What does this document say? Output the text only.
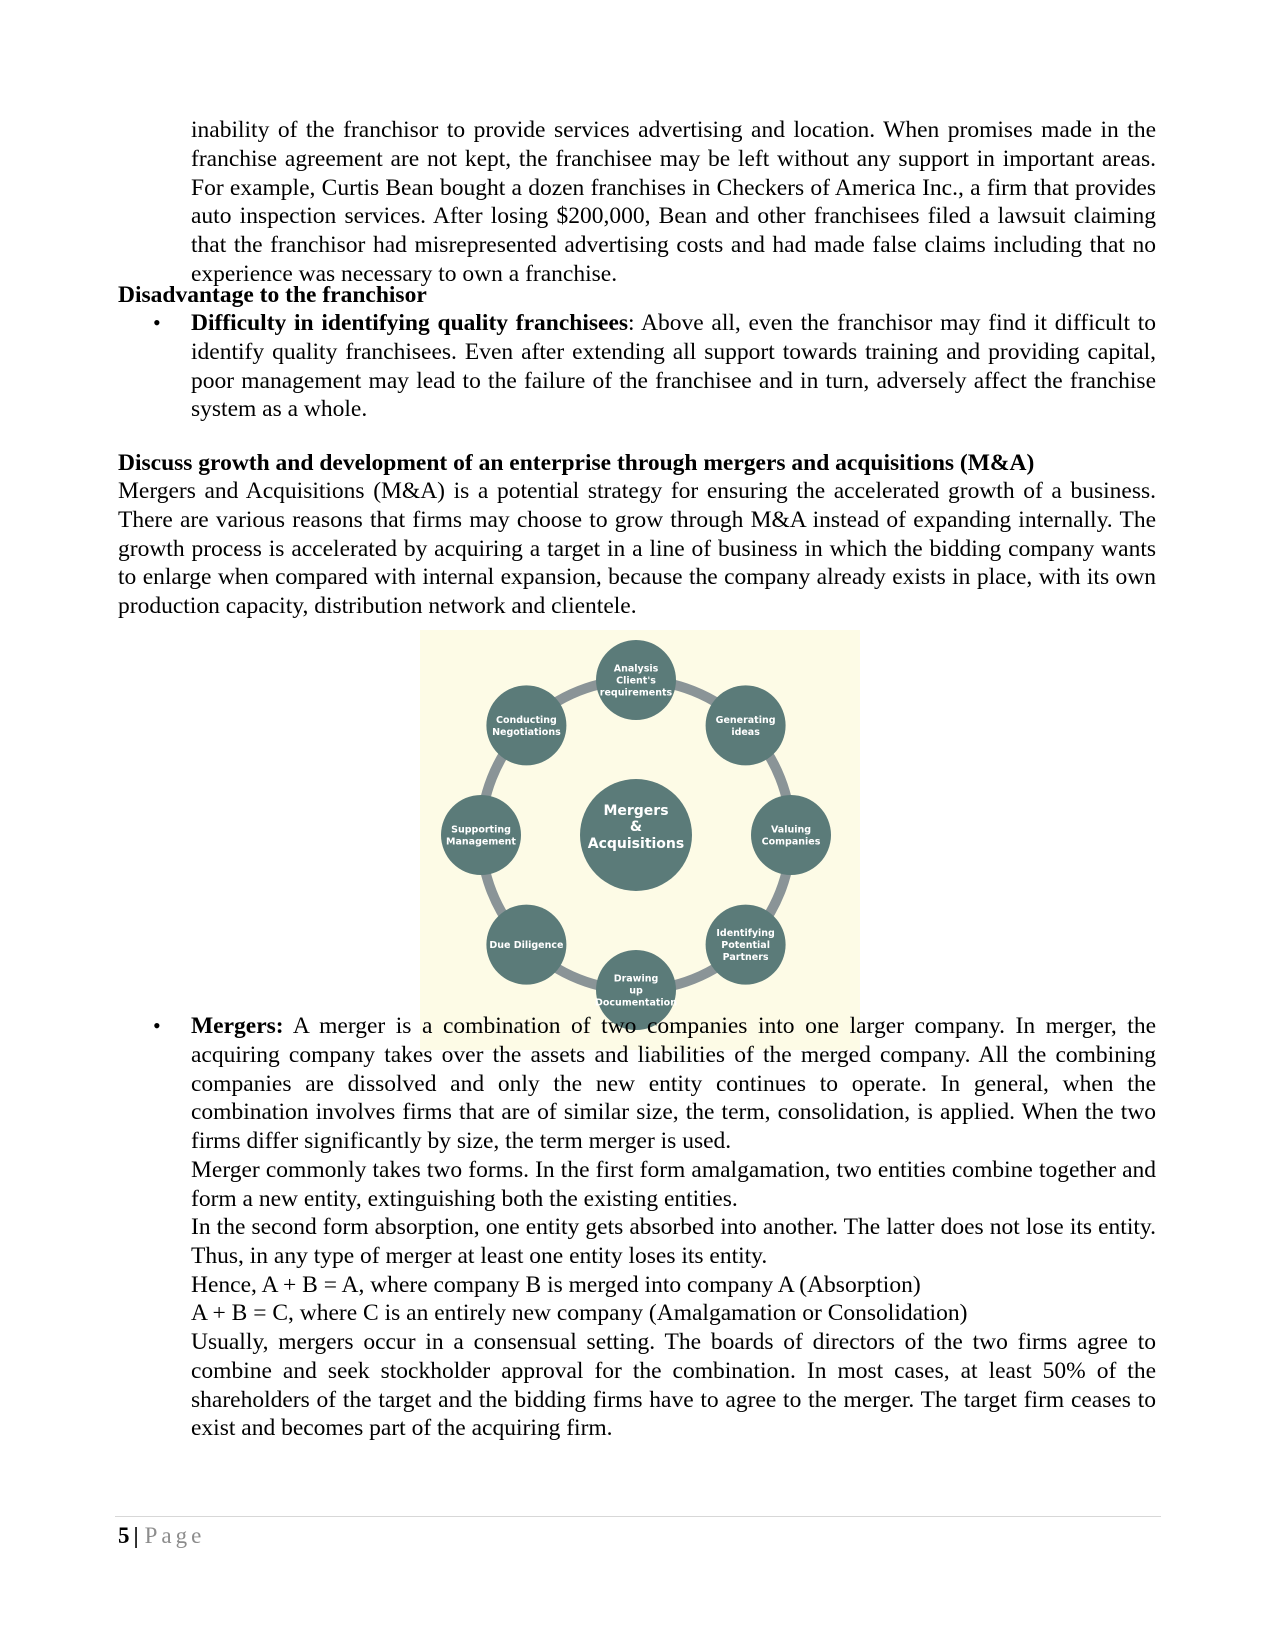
inability of the franchisor to provide services advertising and location. When promises made in the franchise agreement are not kept, the franchisee may be left without any support in important areas. For example, Curtis Bean bought a dozen franchises in Checkers of America Inc., a firm that provides auto inspection services. After losing $200,000, Bean and other franchisees filed a lawsuit claiming that the franchisor had misrepresented advertising costs and had made false claims including that no experience was necessary to own a franchise.

Disadvantage to the franchisor

• Difficulty in identifying quality franchisees: Above all, even the franchisor may find it difficult to identify quality franchisees. Even after extending all support towards training and providing capital, poor management may lead to the failure of the franchisee and in turn, adversely affect the franchise system as a whole.

Discuss growth and development of an enterprise through mergers and acquisitions (M&A)

Mergers and Acquisitions (M&A) is a potential strategy for ensuring the accelerated growth of a business. There are various reasons that firms may choose to grow through M&A instead of expanding internally. The growth process is accelerated by acquiring a target in a line of business in which the bidding company wants to enlarge when compared with internal expansion, because the company already exists in place, with its own production capacity, distribution network and clientele.

Analysis
Client's
requirements
Generating
ideas
Valuing
Companies
Identifying
Potential
Partners
Drawing
up
Documentation
Due Diligence
Supporting
Management
Conducting
Negotiations
Mergers
&
Acquisitions
• Mergers: A merger is a combination of two companies into one larger company. In merger, the acquiring company takes over the assets and liabilities of the merged company. All the combining companies are dissolved and only the new entity continues to operate. In general, when the combination involves firms that are of similar size, the term, consolidation, is applied. When the two firms differ significantly by size, the term merger is used.

Merger commonly takes two forms. In the first form amalgamation, two entities combine together and form a new entity, extinguishing both the existing entities.

In the second form absorption, one entity gets absorbed into another. The latter does not lose its entity. Thus, in any type of merger at least one entity loses its entity.

Hence, A + B = A, where company B is merged into company A (Absorption)

A + B = C, where C is an entirely new company (Amalgamation or Consolidation)

Usually, mergers occur in a consensual setting. The boards of directors of the two firms agree to combine and seek stockholder approval for the combination. In most cases, at least 50% of the shareholders of the target and the bidding firms have to agree to the merger. The target firm ceases to exist and becomes part of the acquiring firm.

5 | Page
